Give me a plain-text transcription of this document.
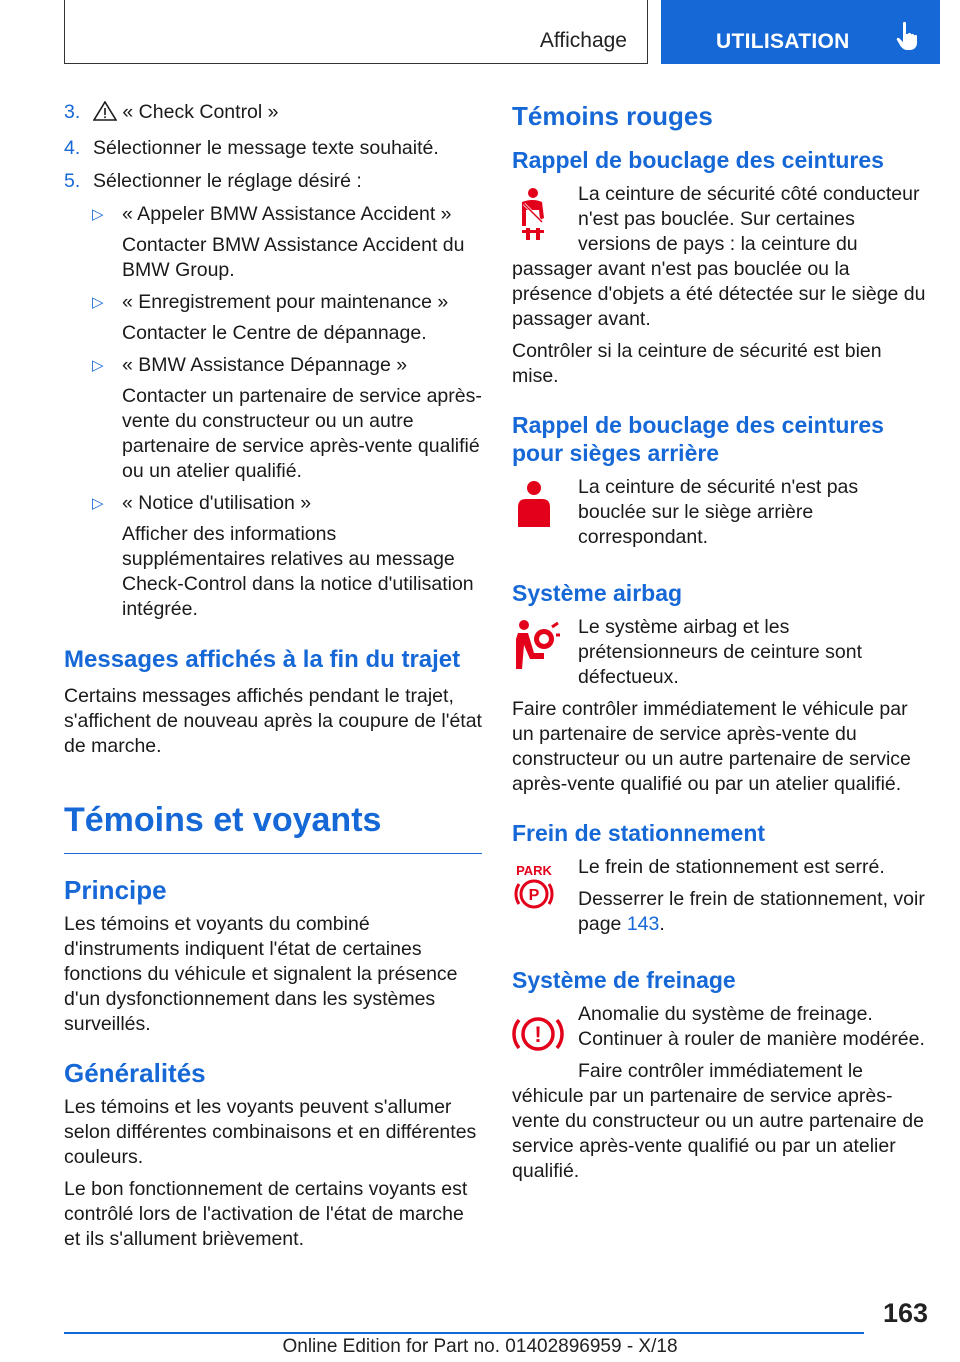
Affichage	UTILISATION
3. « Check Control »
4. Sélectionner le message texte souhaité.
5. Sélectionner le réglage désiré :
▷ « Appeler BMW Assistance Accident »
Contacter BMW Assistance Accident du BMW Group.
▷ « Enregistrement pour maintenance »
Contacter le Centre de dépannage.
▷ « BMW Assistance Dépannage »
Contacter un partenaire de service après-vente du constructeur ou un autre partenaire de service après-vente qualifié ou un atelier qualifié.
▷ « Notice d'utilisation »
Afficher des informations supplémentaires relatives au message Check-Control dans la notice d'utilisation intégrée.
Messages affichés à la fin du trajet

Certains messages affichés pendant le trajet, s'affichent de nouveau après la coupure de l'état de marche.

Témoins et voyants
Principe

Les témoins et voyants du combiné d'instruments indiquent l'état de certaines fonctions du véhicule et signalent la présence d'un dysfonctionnement dans les systèmes surveillés.

Généralités

Les témoins et les voyants peuvent s'allumer selon différentes combinaisons et en différentes couleurs.

Le bon fonctionnement de certains voyants est contrôlé lors de l'activation de l'état de marche et ils s'allument brièvement.

Témoins rouges
Rappel de bouclage des ceintures

La ceinture de sécurité côté conducteur n'est pas bouclée. Sur certaines versions de pays : la ceinture du passager avant n'est pas bouclée ou la présence d'objets a été détectée sur le siège du passager avant.

Contrôler si la ceinture de sécurité est bien mise.

Rappel de bouclage des ceintures pour sièges arrière

La ceinture de sécurité n'est pas bouclée sur le siège arrière correspondant.

Système airbag

Le système airbag et les prétensionneurs de ceinture sont défectueux.

Faire contrôler immédiatement le véhicule par un partenaire de service après-vente du constructeur ou un autre partenaire de service après-vente qualifié ou par un atelier qualifié.

Frein de stationnement
PARK
P

Le frein de stationnement est serré.

Desserrer le frein de stationnement, voir page 143.

Système de freinage
!

Anomalie du système de freinage. Continuer à rouler de manière modérée.

Faire contrôler immédiatement le véhicule par un partenaire de service après-vente du constructeur ou un autre partenaire de service après-vente qualifié ou par un atelier qualifié.

163
Online Edition for Part no. 01402896959 - X/18
